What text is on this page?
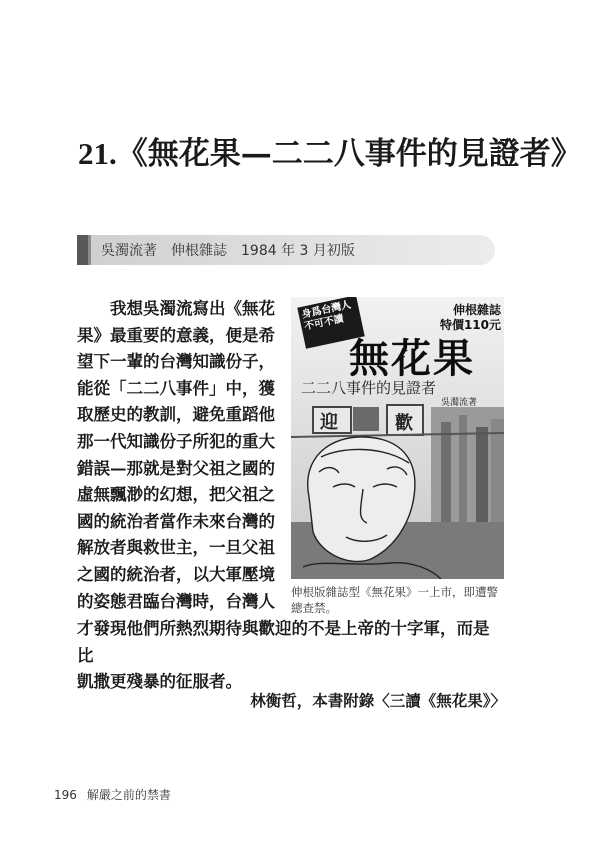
21.《無花果—二二八事件的見證者》
吳濁流著　伸根雜誌　1984 年 3 月初版

我想吳濁流寫出《無花

果》最重要的意義，便是希

望下一輩的台灣知識份子，

能從「二二八事件」中，獲

取歷史的教訓，避免重蹈他

那一代知識份子所犯的重大

錯誤—那就是對父祖之國的

虛無飄渺的幻想，把父祖之

國的統治者當作未來台灣的

解放者與救世主，一旦父祖

之國的統治者，以大軍壓境

的姿態君臨台灣時，台灣人

才發現他們所熱烈期待與歡迎的不是上帝的十字軍，而是比

凱撒更殘暴的征服者。

林衡哲，本書附錄〈三讀《無花果》〉
伸根雜誌
特價110元
身爲台灣人不可不讀
無花果
二二八事件的見證者
吳濁流著
迎	歡
伸根版雜誌型《無花果》一上市，即遭警總查禁。
196 解嚴之前的禁書
